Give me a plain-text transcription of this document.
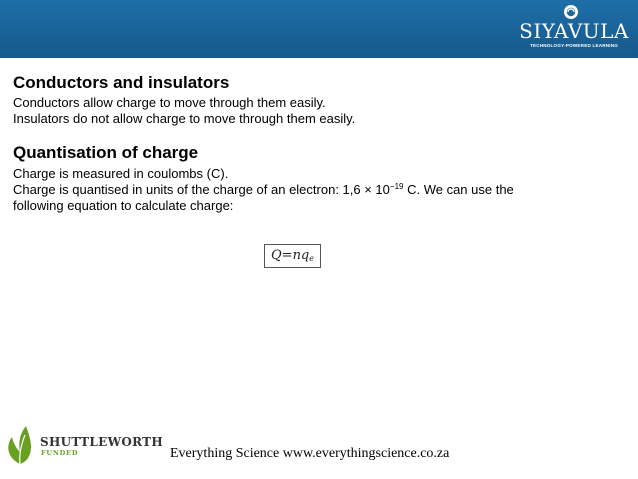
SIYAVULA
TECHNOLOGY-POWERED LEARNING
Conductors and insulators

Conductors allow charge to move through them easily.

Insulators do not allow charge to move through them easily.

Quantisation of charge

Charge is measured in coulombs (C).

Charge is quantised in units of the charge of an electron: $1,6 \times 10^{-19}$ C. We can use the

following equation to calculate charge:

$Q=nq_e$
SHUTTLEWORTH
FUNDED	Everything Science www.everythingscience.co.za
